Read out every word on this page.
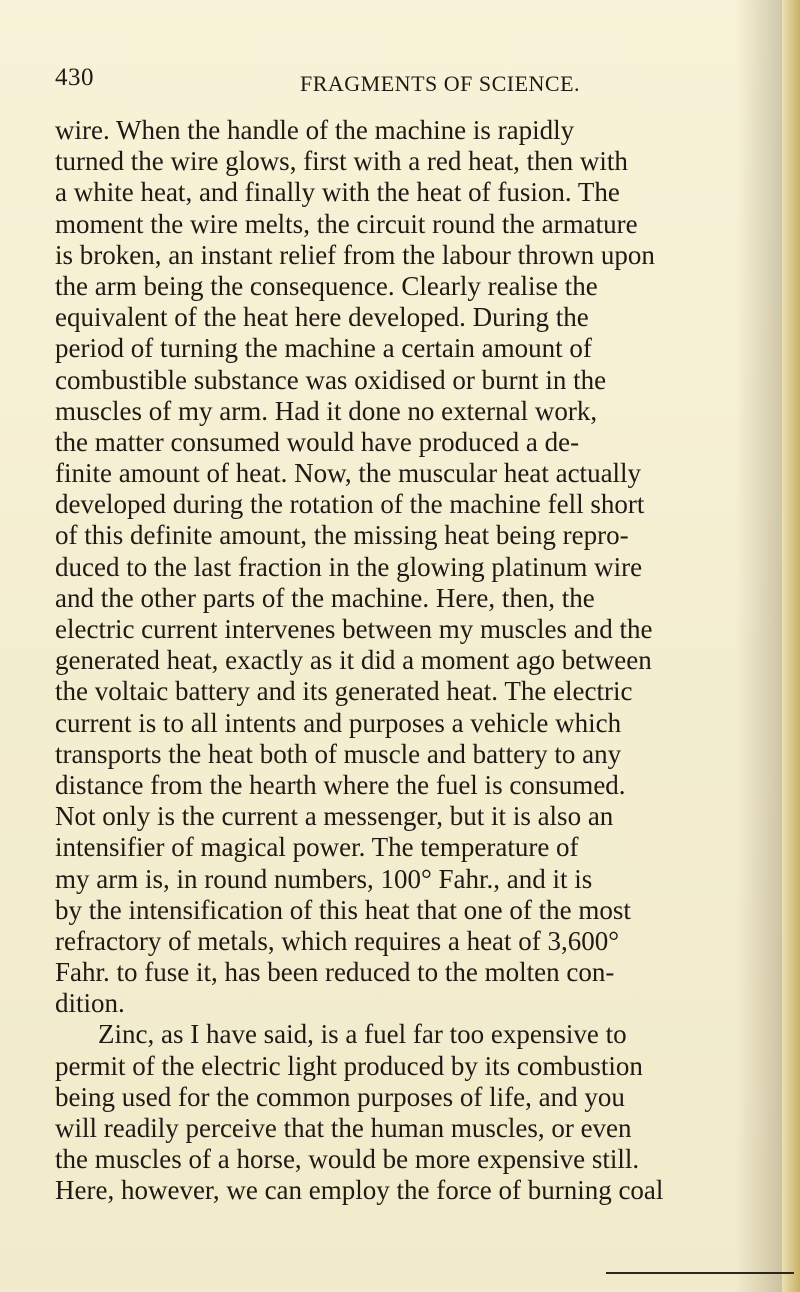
430	FRAGMENTS OF SCIENCE.
wire. When the handle of the machine is rapidly
turned the wire glows, first with a red heat, then with
a white heat, and finally with the heat of fusion. The
moment the wire melts, the circuit round the armature
is broken, an instant relief from the labour thrown upon
the arm being the consequence. Clearly realise the
equivalent of the heat here developed. During the
period of turning the machine a certain amount of
combustible substance was oxidised or burnt in the
muscles of my arm. Had it done no external work,
the matter consumed would have produced a de-
finite amount of heat. Now, the muscular heat actually
developed during the rotation of the machine fell short
of this definite amount, the missing heat being repro-
duced to the last fraction in the glowing platinum wire
and the other parts of the machine. Here, then, the
electric current intervenes between my muscles and the
generated heat, exactly as it did a moment ago between
the voltaic battery and its generated heat. The electric
current is to all intents and purposes a vehicle which
transports the heat both of muscle and battery to any
distance from the hearth where the fuel is consumed.
Not only is the current a messenger, but it is also an
intensifier of magical power. The temperature of
my arm is, in round numbers, 100° Fahr., and it is
by the intensification of this heat that one of the most
refractory of metals, which requires a heat of 3,600°
Fahr. to fuse it, has been reduced to the molten con-
dition.
Zinc, as I have said, is a fuel far too expensive to
permit of the electric light produced by its combustion
being used for the common purposes of life, and you
will readily perceive that the human muscles, or even
the muscles of a horse, would be more expensive still.
Here, however, we can employ the force of burning coal
